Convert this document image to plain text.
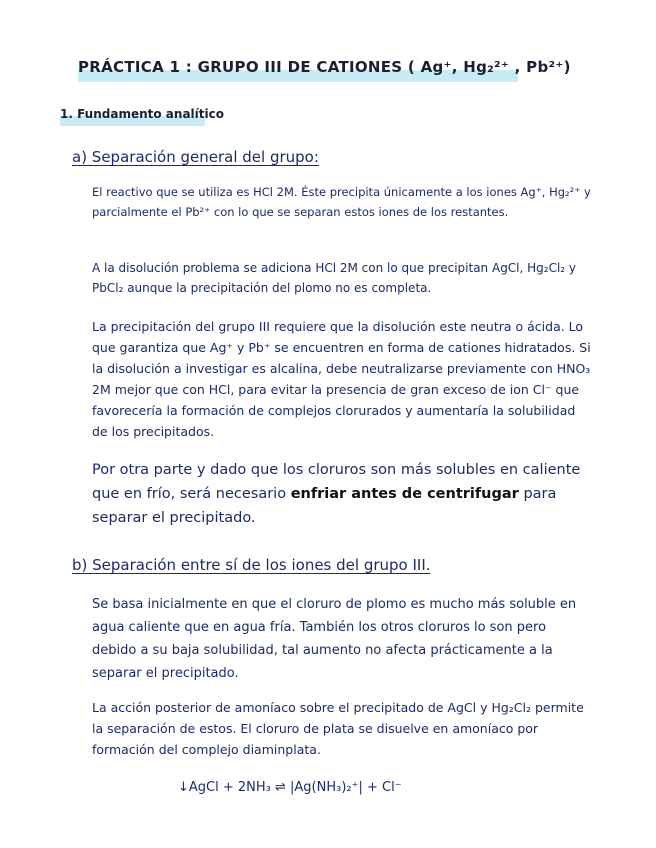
PRÁCTICA 1 : GRUPO III DE CATIONES ( Ag⁺, Hg₂²⁺ , Pb²⁺)
1. Fundamento analítico
a) Separación general del grupo:
El reactivo que se utiliza es HCl 2M. Éste precipita únicamente a los iones Ag⁺, Hg₂²⁺ y parcialmente el Pb²⁺ con lo que se separan estos iones de los restantes.
A la disolución problema se adiciona HCl 2M con lo que precipitan AgCl, Hg₂Cl₂ y PbCl₂ aunque la precipitación del plomo no es completa.
La precipitación del grupo III requiere que la disolución este neutra o ácida. Lo que garantiza que Ag⁺ y Pb⁺ se encuentren en forma de cationes hidratados. Si la disolución a investigar es alcalina, debe neutralizarse previamente con HNO₃ 2M mejor que con HCl, para evitar la presencia de gran exceso de ion Cl⁻ que favorecería la formación de complejos clorurados y aumentaría la solubilidad de los precipitados.
Por otra parte y dado que los cloruros son más solubles en caliente que en frío, será necesario enfriar antes de centrifugar para separar el precipitado.
b) Separación entre sí de los iones del grupo III.
Se basa inicialmente en que el cloruro de plomo es mucho más soluble en agua caliente que en agua fría. También los otros cloruros lo son pero debido a su baja solubilidad, tal aumento no afecta prácticamente a la separar el precipitado.
La acción posterior de amoníaco sobre el precipitado de AgCl y Hg₂Cl₂ permite la separación de estos. El cloruro de plata se disuelve en amoníaco por formación del complejo diaminplata.
↓AgCl + 2NH₃ ⇌ |Ag(NH₃)₂⁺| + Cl⁻
